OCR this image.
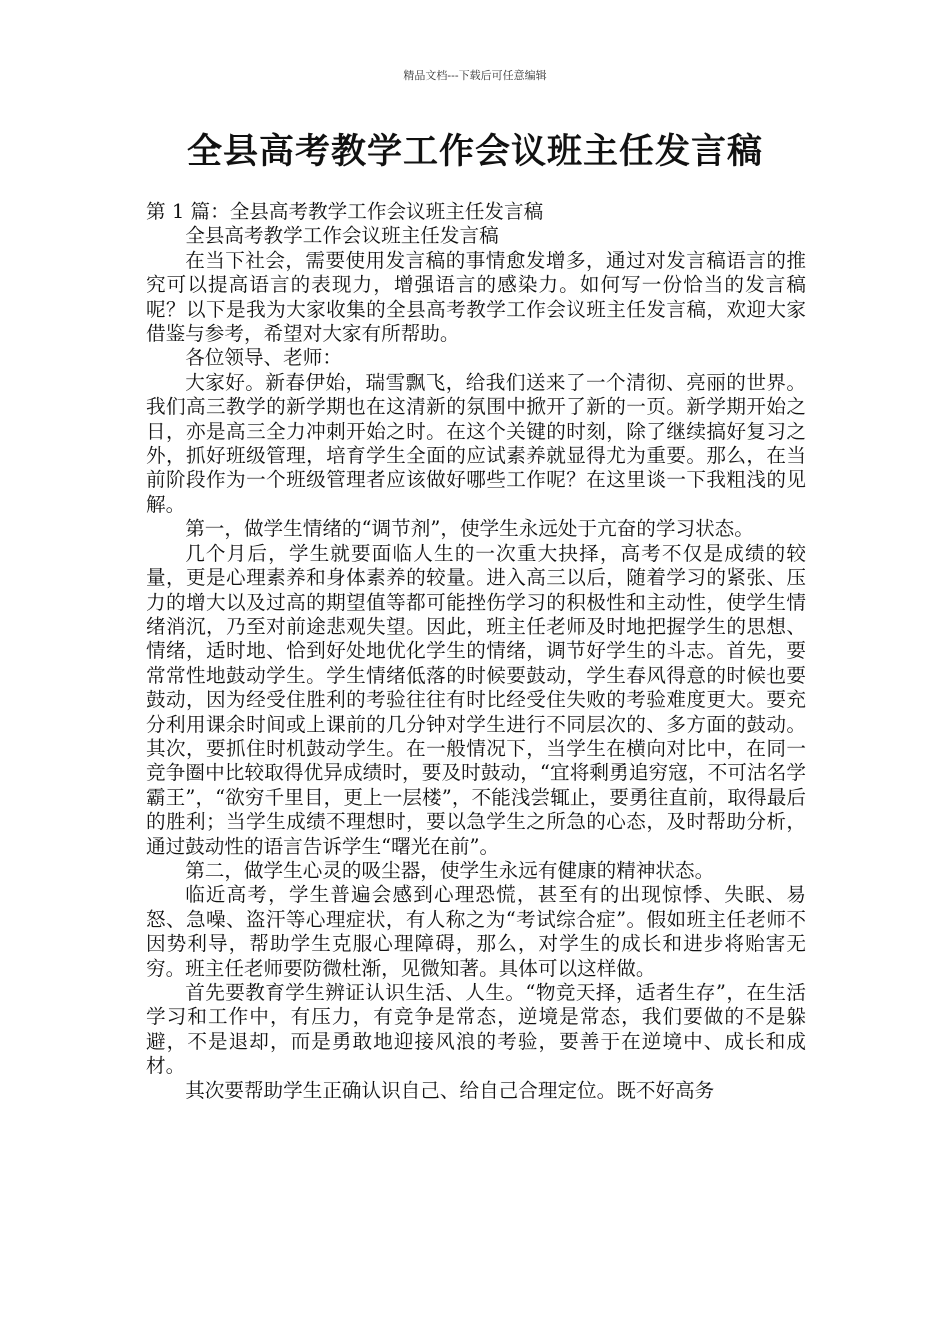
精品文档---下载后可任意编辑
全县高考教学工作会议班主任发言稿

第 1 篇：全县高考教学工作会议班主任发言稿

全县高考教学工作会议班主任发言稿

在当下社会，需要使用发言稿的事情愈发增多，通过对发言稿语言的推究可以提高语言的表现力，增强语言的感染力。如何写一份恰当的发言稿呢？以下是我为大家收集的全县高考教学工作会议班主任发言稿，欢迎大家借鉴与参考，希望对大家有所帮助。

各位领导、老师：

大家好。新春伊始，瑞雪飘飞，给我们送来了一个清彻、亮丽的世界。我们高三教学的新学期也在这清新的氛围中掀开了新的一页。新学期开始之日，亦是高三全力冲刺开始之时。在这个关键的时刻，除了继续搞好复习之外，抓好班级管理，培育学生全面的应试素养就显得尤为重要。那么，在当前阶段作为一个班级管理者应该做好哪些工作呢？在这里谈一下我粗浅的见解。

第一，做学生情绪的“调节剂”，使学生永远处于亢奋的学习状态。

几个月后，学生就要面临人生的一次重大抉择，高考不仅是成绩的较量，更是心理素养和身体素养的较量。进入高三以后，随着学习的紧张、压力的增大以及过高的期望值等都可能挫伤学习的积极性和主动性，使学生情绪消沉，乃至对前途悲观失望。因此，班主任老师及时地把握学生的思想、情绪，适时地、恰到好处地优化学生的情绪，调节好学生的斗志。首先，要常常性地鼓动学生。学生情绪低落的时候要鼓动，学生春风得意的时候也要鼓动，因为经受住胜利的考验往往有时比经受住失败的考验难度更大。要充分利用课余时间或上课前的几分钟对学生进行不同层次的、多方面的鼓动。其次，要抓住时机鼓动学生。在一般情况下，当学生在横向对比中，在同一竞争圈中比较取得优异成绩时，要及时鼓动，“宜将剩勇追穷寇，不可沽名学霸王”，“欲穷千里目，更上一层楼”，不能浅尝辄止，要勇往直前，取得最后的胜利；当学生成绩不理想时，要以急学生之所急的心态，及时帮助分析，通过鼓动性的语言告诉学生“曙光在前”。

第二，做学生心灵的吸尘器，使学生永远有健康的精神状态。

临近高考，学生普遍会感到心理恐慌，甚至有的出现惊悸、失眠、易怒、急噪、盗汗等心理症状，有人称之为“考试综合症”。假如班主任老师不因势利导，帮助学生克服心理障碍，那么，对学生的成长和进步将贻害无穷。班主任老师要防微杜渐，见微知著。具体可以这样做。

首先要教育学生辨证认识生活、人生。“物竞天择，适者生存”，在生活学习和工作中，有压力，有竞争是常态，逆境是常态，我们要做的不是躲避，不是退却，而是勇敢地迎接风浪的考验，要善于在逆境中、成长和成材。

其次要帮助学生正确认识自己、给自己合理定位。既不好高务
